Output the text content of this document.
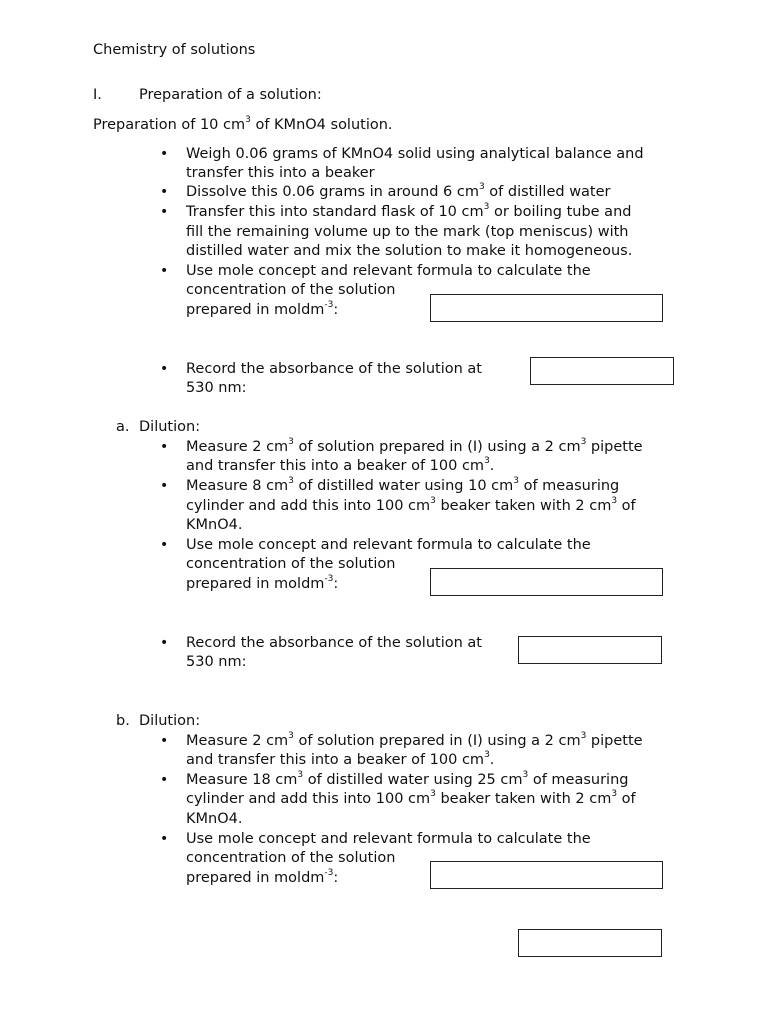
Chemistry of solutions
I.	Preparation of a solution:
Preparation of 10 $cm^3$ of KMnO4 solution.
• Weigh 0.06 grams of KMnO4 solid using analytical balance and
transfer this into a beaker
• Dissolve this 0.06 grams in around 6 $cm^3$ of distilled water
• Transfer this into standard flask of 10 $cm^3$ or boiling tube and
fill the remaining volume up to the mark (top meniscus) with
distilled water and mix the solution to make it homogeneous.
• Use mole concept and relevant formula to calculate the
concentration of the solution
prepared in moldm$^{-3}$:
• Record the absorbance of the solution at
530 nm:
a. Dilution:
• Measure 2 $cm^3$ of solution prepared in (I) using a 2 $cm^3$ pipette
and transfer this into a beaker of 100 $cm^3$.
• Measure 8 $cm^3$ of distilled water using 10 $cm^3$ of measuring
cylinder and add this into 100 $cm^3$ beaker taken with 2 $cm^3$ of
KMnO4.
• Use mole concept and relevant formula to calculate the
concentration of the solution
prepared in moldm$^{-3}$:
• Record the absorbance of the solution at
530 nm:
b. Dilution:
• Measure 2 $cm^3$ of solution prepared in (I) using a 2 $cm^3$ pipette
and transfer this into a beaker of 100 $cm^3$.
• Measure 18 $cm^3$ of distilled water using 25 $cm^3$ of measuring
cylinder and add this into 100 $cm^3$ beaker taken with 2 $cm^3$ of
KMnO4.
• Use mole concept and relevant formula to calculate the
concentration of the solution
prepared in moldm$^{-3}$:
